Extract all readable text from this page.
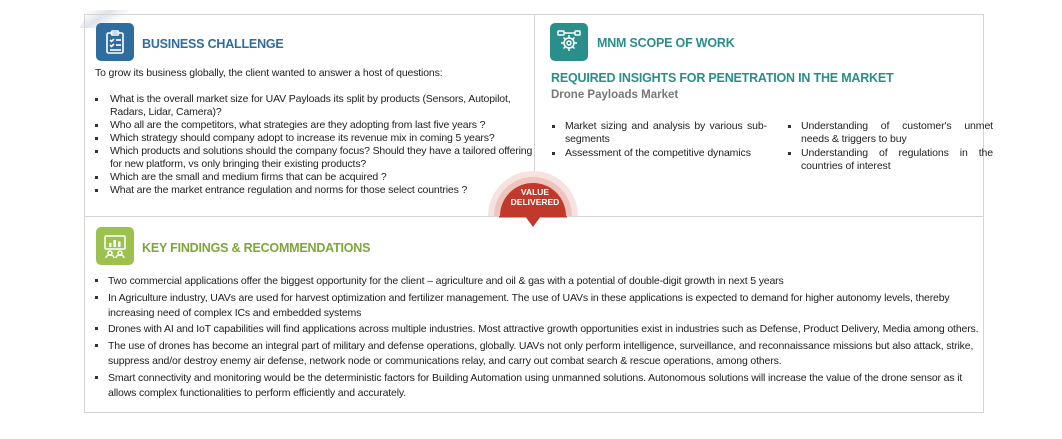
BUSINESS CHALLENGE
To grow its business globally, the client wanted to answer a host of questions:
What is the overall market size for UAV Payloads its split by products (Sensors, Autopilot, Radars, Lidar, Camera)?
Who all are the competitors, what strategies are they adopting from last five years ?
Which strategy should company adopt to increase its revenue mix in coming 5 years?
Which products and solutions should the company focus? Should they have a tailored offering for new platform, vs only bringing their existing products?
Which are the small and medium firms that can be acquired ?
What are the market entrance regulation and norms for those select countries ?
MNM SCOPE OF WORK
REQUIRED INSIGHTS FOR PENETRATION IN THE MARKET
Drone Payloads Market
Market sizing and analysis by various sub-segments
Assessment of the competitive dynamics
Understanding of customer's unmet needs & triggers to buy
Understanding of regulations in the countries of interest
VALUE
DELIVERED
KEY FINDINGS & RECOMMENDATIONS
Two commercial applications offer the biggest opportunity for the client – agriculture and oil & gas with a potential of double-digit growth in next 5 years
In Agriculture industry, UAVs are used for harvest optimization and fertilizer management. The use of UAVs in these applications is expected to demand for higher autonomy levels, thereby increasing need of complex ICs and embedded systems
Drones with AI and IoT capabilities will find applications across multiple industries. Most attractive growth opportunities exist in industries such as Defense, Product Delivery, Media among others.
The use of drones has become an integral part of military and defense operations, globally. UAVs not only perform intelligence, surveillance, and reconnaissance missions but also attack, strike, suppress and/or destroy enemy air defense, network node or communications relay, and carry out combat search & rescue operations, among others.
Smart connectivity and monitoring would be the deterministic factors for Building Automation using unmanned solutions. Autonomous solutions will increase the value of the drone sensor as it allows complex functionalities to perform efficiently and accurately.
